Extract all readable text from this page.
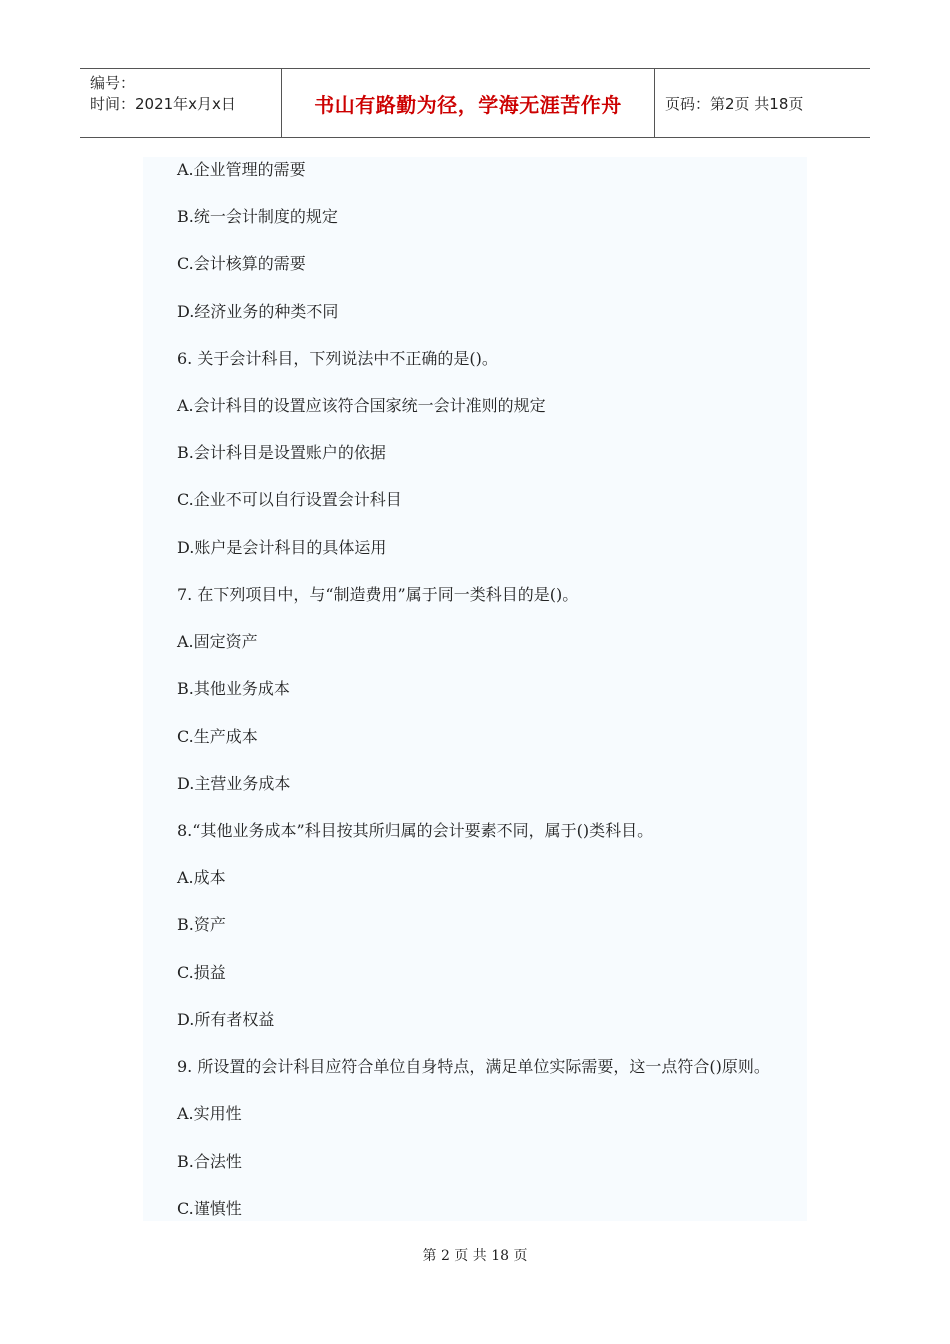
编号：
时间：2021年x月x日	书山有路勤为径，学海无涯苦作舟	页码：第2页 共18页
A.企业管理的需要
B.统一会计制度的规定
C.会计核算的需要
D.经济业务的种类不同
6. 关于会计科目，下列说法中不正确的是()。
A.会计科目的设置应该符合国家统一会计准则的规定
B.会计科目是设置账户的依据
C.企业不可以自行设置会计科目
D.账户是会计科目的具体运用
7. 在下列项目中，与“制造费用”属于同一类科目的是()。
A.固定资产
B.其他业务成本
C.生产成本
D.主营业务成本
8.“其他业务成本”科目按其所归属的会计要素不同，属于()类科目。
A.成本
B.资产
C.损益
D.所有者权益
9. 所设置的会计科目应符合单位自身特点，满足单位实际需要，这一点符合()原则。
A.实用性
B.合法性
C.谨慎性
第 2 页 共 18 页
